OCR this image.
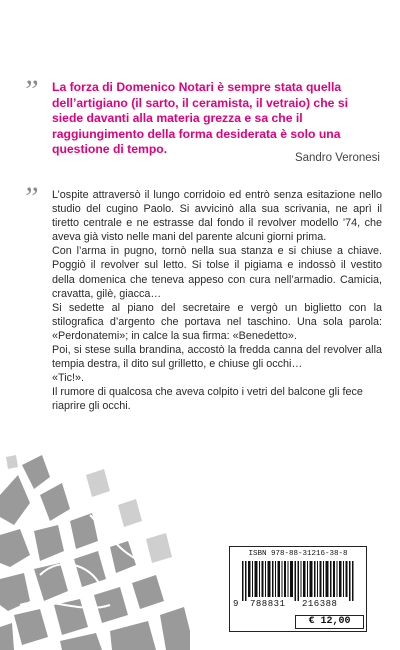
” La forza di Domenico Notari è sempre stata quella dell’artigiano (il sarto, il ceramista, il vetraio) che si siede davanti alla materia grezza e sa che il raggiungimento della forma desiderata è solo una questione di tempo.

Sandro Veronesi

” L’ospite attraversò il lungo corridoio ed entrò senza esitazione nello studio del cugino Paolo. Si avvicinò alla sua scrivania, ne aprì il tiretto centrale e ne estrasse dal fondo il revolver modello ’74, che aveva già visto nelle mani del parente alcuni giorni prima.

Con l’arma in pugno, tornò nella sua stanza e si chiuse a chiave. Poggiò il revolver sul letto. Si tolse il pigiama e indossò il vestito della domenica che teneva appeso con cura nell’armadio. Camicia, cravatta, gilè, giacca…

Si sedette al piano del secretaire e vergò un biglietto con la stilografica d’argento che portava nel taschino. Una sola parola: «Perdonatemi»; in calce la sua firma: «Benedetto».

Poi, si stese sulla brandina, accostò la fredda canna del revolver alla tempia destra, il dito sul grilletto, e chiuse gli occhi…

«Tic!».

Il rumore di qualcosa che aveva colpito i vetri del balcone gli fece riaprire gli occhi.

ISBN 978-88-31216-38-8
9 788831 216388
€ 12,00
